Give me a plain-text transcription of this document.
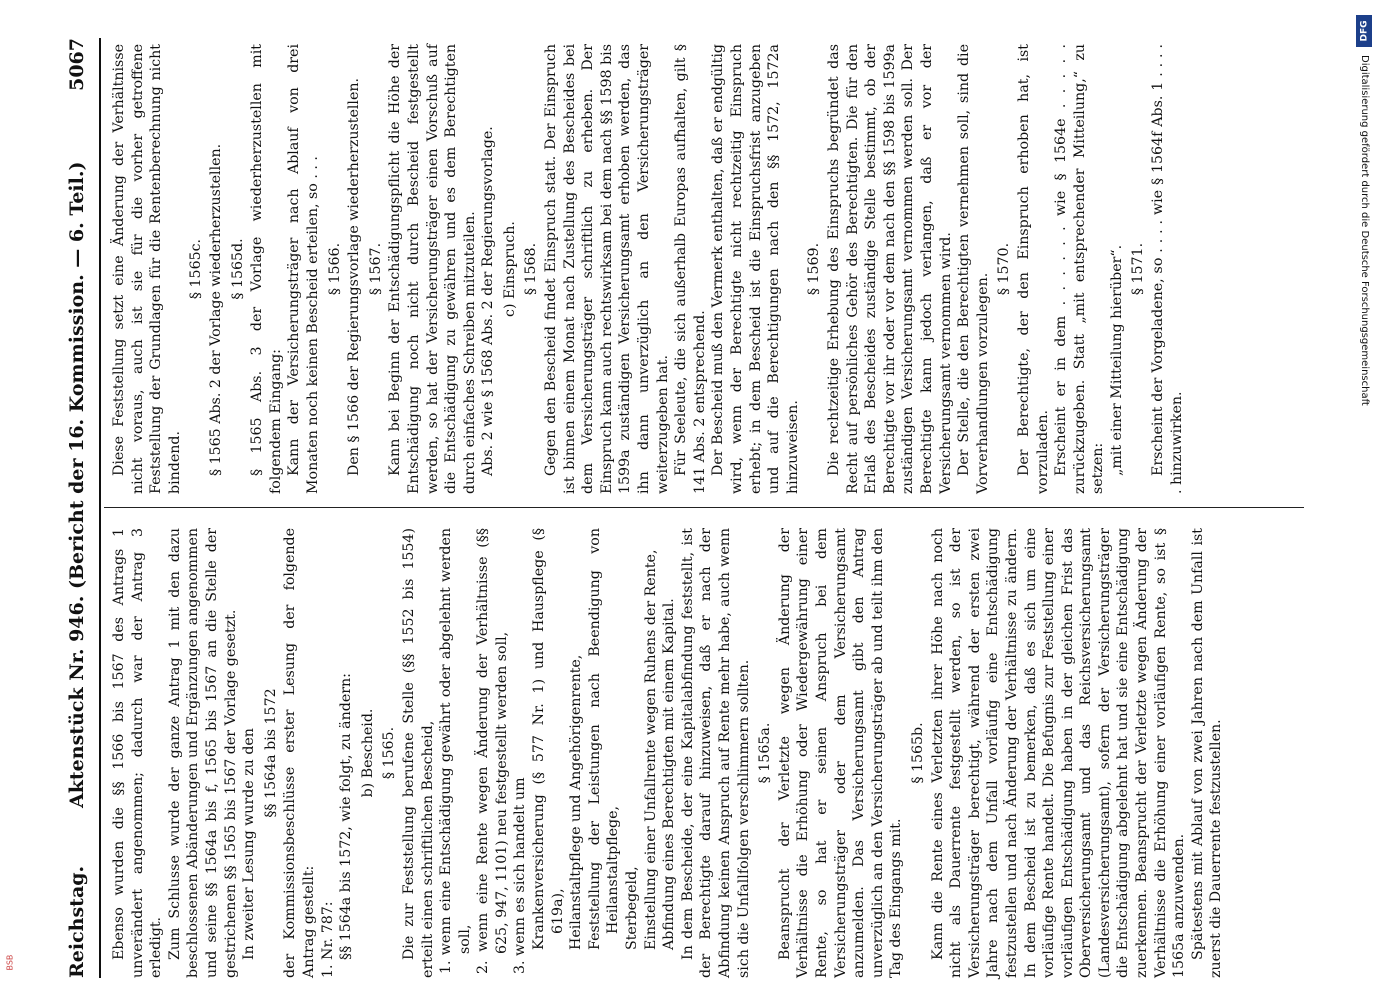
Reichstag.
Aktenstück Nr. 946. (Bericht der 16. Kommission. — 6. Teil.)
5067

Ebenso wurden die §§ 1566 bis 1567 des Antrags 1 unverändert angenommen; dadurch war der Antrag 3 erledigt. Zum Schlusse wurde der ganze Antrag 1 mit den dazu beschlossenen Abänderungen und Ergänzungen angenommen und seine §§ 1564a bis f, 1565 bis 1567 an die Stelle der gestrichenen §§ 1565 bis 1567 der Vorlage gesetzt. In zweiter Lesung wurde zu den §§ 1564a bis 1572 der Kommissionsbeschlüsse erster Lesung der folgende Antrag gestellt: 1. Nr. 787: §§ 1564a bis 1572, wie folgt, zu ändern: b) Bescheid. § 1565. Die zur Feststellung berufene Stelle (§§ 1552 bis 1554) erteilt einen schriftlichen Bescheid, 1. wenn eine Entschädigung gewährt oder abgelehnt werden soll, 2. wenn eine Rente wegen Änderung der Verhältnisse (§§ 625, 947, 1101) neu festgestellt werden soll, 3. wenn es sich handelt um Krankenversicherung (§ 577 Nr. 1) und Hauspflege (§ 619a), Heilanstaltpflege und Angehörigenrente, Feststellung der Leistungen nach Beendigung von Heilanstaltpflege, Sterbegeld, Einstellung einer Unfallrente wegen Ruhens der Rente, Abfindung eines Berechtigten mit einem Kapital. In dem Bescheide, der eine Kapitalabfindung feststellt, ist der Berechtigte darauf hinzuweisen, daß er nach der Abfindung keinen Anspruch auf Rente mehr habe, auch wenn sich die Unfallfolgen verschlimmern sollten. § 1565a. Beansprucht der Verletzte wegen Änderung der Verhältnisse die Erhöhung oder Wiedergewährung einer Rente, so hat er seinen Anspruch bei dem Versicherungsträger oder dem Versicherungsamt anzumelden. Das Versicherungsamt gibt den Antrag unverzüglich an den Versicherungsträger ab und teilt ihm den Tag des Eingangs mit.

§ 1565b. Kann die Rente eines Verletzten ihrer Höhe nach noch nicht als Dauerrente festgestellt werden, so ist der Versicherungsträger berechtigt, während der ersten zwei Jahre nach dem Unfall vorläufig eine Entschädigung festzustellen und nach Änderung der Verhältnisse zu ändern. In dem Bescheid ist zu bemerken, daß es sich um eine vorläufige Rente handelt. Die Befugnis zur Feststellung einer vorläufigen Entschädigung haben in der gleichen Frist das Oberversicherungsamt und das Reichsversicherungsamt (Landesversicherungsamt), sofern der Versicherungsträger die Entschädigung abgelehnt hat und sie eine Entschädigung zuerkennen. Beansprucht der Verletzte wegen Änderung der Verhältnisse die Erhöhung einer vorläufigen Rente, so ist § 1565a anzuwenden. Spätestens mit Ablauf von zwei Jahren nach dem Unfall ist zuerst die Dauerrente festzustellen.

Diese Feststellung setzt eine Änderung der Verhältnisse nicht voraus, auch ist sie für die vorher getroffene Feststellung der Grundlagen für die Rentenberechnung nicht bindend.

§ 1565c. § 1565 Abs. 2 der Vorlage wiederherzustellen. § 1565d. § 1565 Abs. 3 der Vorlage wiederherzustellen mit folgendem Eingang: Kann der Versicherungsträger nach Ablauf von drei Monaten noch keinen Bescheid erteilen, so . . . § 1566. Den § 1566 der Regierungsvorlage wiederherzustellen. § 1567. Kann bei Beginn der Entschädigungspflicht die Höhe der Entschädigung noch nicht durch Bescheid festgestellt werden, so hat der Versicherungsträger einen Vorschuß auf die Entschädigung zu gewähren und es dem Berechtigten durch einfaches Schreiben mitzuteilen. Abs. 2 wie § 1568 Abs. 2 der Regierungsvorlage. c) Einspruch. § 1568. Gegen den Bescheid findet Einspruch statt. Der Einspruch ist binnen einem Monat nach Zustellung des Bescheides bei dem Versicherungsträger schriftlich zu erheben. Der Einspruch kann auch rechtswirksam bei dem nach §§ 1598 bis 1599a zuständigen Versicherungsamt erhoben werden, das ihn dann unverzüglich an den Versicherungsträger weiterzugeben hat. Für Seeleute, die sich außerhalb Europas aufhalten, gilt § 141 Abs. 2 entsprechend. Der Bescheid muß den Vermerk enthalten, daß er endgültig wird, wenn der Berechtigte nicht rechtzeitig Einspruch erhebt; in dem Bescheid ist die Einspruchsfrist anzugeben und auf die Berechtigungen nach den §§ 1572, 1572a hinzuweisen.

§ 1569. Die rechtzeitige Erhebung des Einspruchs begründet das Recht auf persönliches Gehör des Berechtigten. Die für den Erlaß des Bescheides zuständige Stelle bestimmt, ob der Berechtigte vor ihr oder vor dem nach den §§ 1598 bis 1599a zuständigen Versicherungsamt vernommen werden soll. Der Berechtigte kann jedoch verlangen, daß er vor der Versicherungsamt vernommen wird. Der Stelle, die den Berechtigten vernehmen soll, sind die Vorverhandlungen vorzulegen.

§ 1570. Der Berechtigte, der den Einspruch erhoben hat, ist vorzuladen. Erscheint er in dem . . . . . . wie § 1564e . . . . . zurückzugeben. Statt „mit entsprechender Mitteilung,“ zu setzen: „mit einer Mitteilung hierüber“. § 1571. Erscheint der Vorgeladene, so . . . . wie § 1564f Abs. 1 . . . . . hinzuwirken.

DFG
Digitalisierung gefördert durch die Deutsche Forschungsgemeinschaft
BSB
